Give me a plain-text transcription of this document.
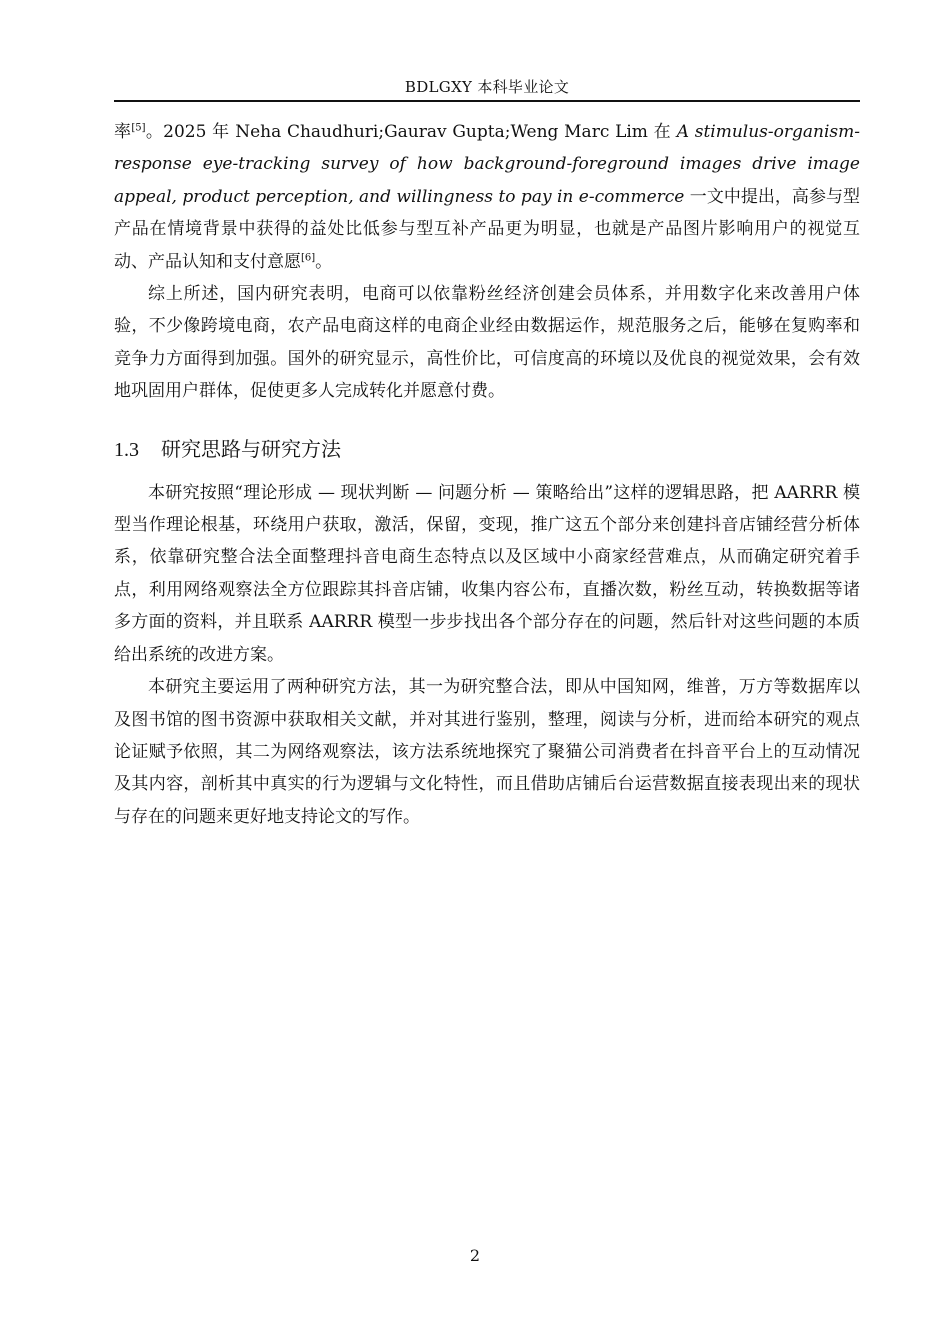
BDLGXY 本科毕业论文

率[5]。2025 年 Neha Chaudhuri;Gaurav Gupta;Weng Marc Lim 在 A stimulus-organism-response eye-tracking survey of how background-foreground images drive image appeal, product perception, and willingness to pay in e-commerce 一文中提出，高参与型产品在情境背景中获得的益处比低参与型互补产品更为明显，也就是产品图片影响用户的视觉互动、产品认知和支付意愿[6]。

综上所述，国内研究表明，电商可以依靠粉丝经济创建会员体系，并用数字化来改善用户体验，不少像跨境电商，农产品电商这样的电商企业经由数据运作，规范服务之后，能够在复购率和竞争力方面得到加强。国外的研究显示，高性价比，可信度高的环境以及优良的视觉效果，会有效地巩固用户群体，促使更多人完成转化并愿意付费。

1.3 研究思路与研究方法

本研究按照“理论形成 — 现状判断 — 问题分析 — 策略给出”这样的逻辑思路，把 AARRR 模型当作理论根基，环绕用户获取，激活，保留，变现，推广这五个部分来创建抖音店铺经营分析体系，依靠研究整合法全面整理抖音电商生态特点以及区域中小商家经营难点，从而确定研究着手点，利用网络观察法全方位跟踪其抖音店铺，收集内容公布，直播次数，粉丝互动，转换数据等诸多方面的资料，并且联系 AARRR 模型一步步找出各个部分存在的问题，然后针对这些问题的本质给出系统的改进方案。

本研究主要运用了两种研究方法，其一为研究整合法，即从中国知网，维普，万方等数据库以及图书馆的图书资源中获取相关文献，并对其进行鉴别，整理，阅读与分析，进而给本研究的观点论证赋予依照，其二为网络观察法，该方法系统地探究了聚猫公司消费者在抖音平台上的互动情况及其内容，剖析其中真实的行为逻辑与文化特性，而且借助店铺后台运营数据直接表现出来的现状与存在的问题来更好地支持论文的写作。

2
